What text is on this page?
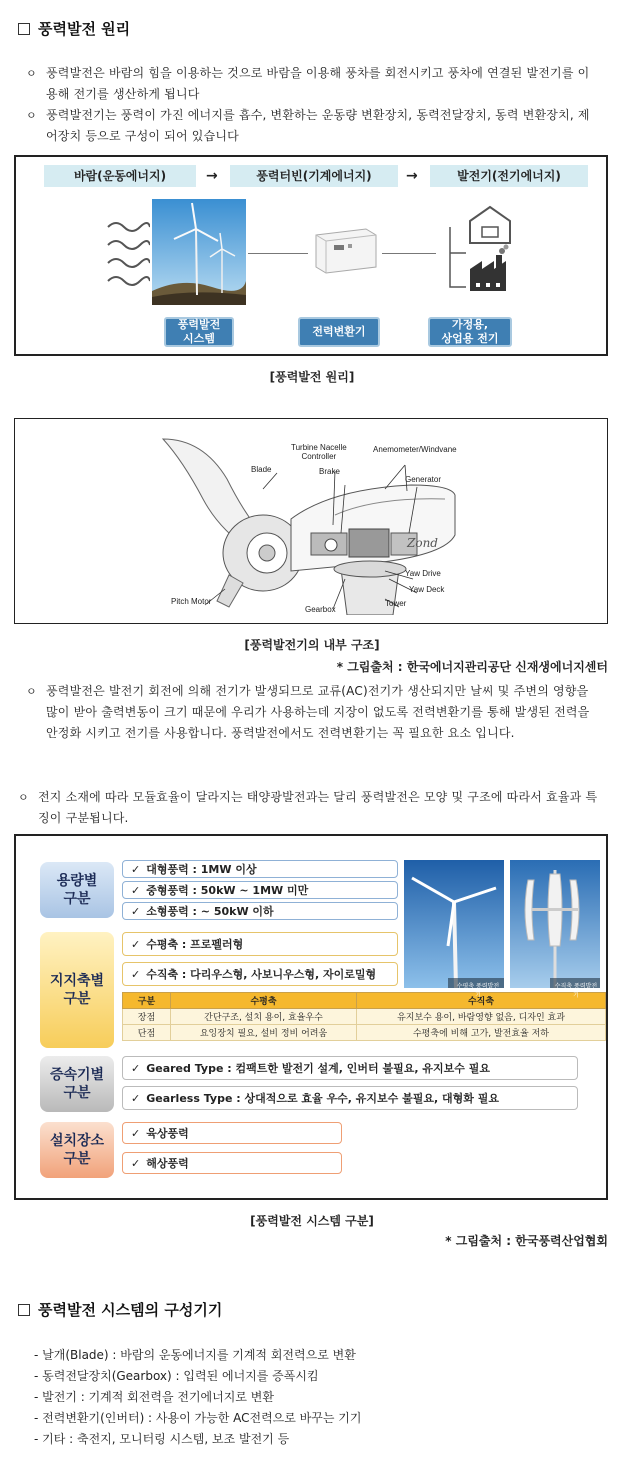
풍력발전 원리
ㅇ 풍력발전은 바람의 힘을 이용하는 것으로 바람을 이용해 풍차를 회전시키고 풍차에 연결된 발전기를 이용해 전기를 생산하게 됩니다
ㅇ 풍력발전기는 풍력이 가진 에너지를 흡수, 변환하는 운동량 변환장치, 동력전달장치, 동력 변환장치, 제어장치 등으로 구성이 되어 있습니다
바람(운동에너지)	→	풍력터빈(기계에너지)	→	발전기(전기에너지)
풍력발전
시스템
전력변환기
가정용,
상업용 전기
[풍력발전 원리]
Zond
Turbine Nacelle
Controller
Anemometer/Windvane
Blade	Brake
Generator
Yaw Drive
Yaw Deck
Pitch Motor
Gearbox
Tower
[풍력발전기의 내부 구조]
* 그림출처 : 한국에너지관리공단 신재생에너지센터
ㅇ 풍력발전은 발전기 회전에 의해 전기가 발생되므로 교류(AC)전기가 생산되지만 날씨 및 주변의 영향을 많이 받아 출력변동이 크기 때문에 우리가 사용하는데 지장이 없도록 전력변환기를 통해 발생된 전력을 안정화 시키고 전기를 사용합니다. 풍력발전에서도 전력변환기는 꼭 필요한 요소 입니다.
ㅇ 전지 소재에 따라 모듈효율이 달라지는 태양광발전과는 달리 풍력발전은 모양 및 구조에 따라서 효율과 특징이 구분됩니다.
용량별
구분
✓ 대형풍력 : 1MW 이상
✓ 중형풍력 : 50kW ~ 1MW 미만
✓ 소형풍력 : ~ 50kW 이하
지지축별
구분
✓ 수평축 : 프로펠러형
✓ 수직축 : 다리우스형, 사보니우스형, 자이로밀형
구분	수평축	수직축
장점	간단구조, 설치 용이, 효율우수	유지보수 용이, 바람영향 없음, 디자인 효과
단점	요잉장치 필요, 설비 정비 어려움	수평축에 비해 고가, 발전효율 저하
수평축 풍력발전기
수직축 풍력발전기
증속기별
구분
✓ Geared Type : 컴팩트한 발전기 설계, 인버터 불필요, 유지보수 필요
✓ Gearless Type : 상대적으로 효율 우수, 유지보수 불필요, 대형화 필요
설치장소
구분
✓ 육상풍력
✓ 해상풍력
[풍력발전 시스템 구분]
* 그림출처 : 한국풍력산업협회
풍력발전 시스템의 구성기기
- 날개(Blade) : 바람의 운동에너지를 기계적 회전력으로 변환
- 동력전달장치(Gearbox) : 입력된 에너지를 증폭시킴
- 발전기 : 기계적 회전력을 전기에너지로 변환
- 전력변환기(인버터) : 사용이 가능한 AC전력으로 바꾸는 기기
- 기타 : 축전지, 모니터링 시스템, 보조 발전기 등
